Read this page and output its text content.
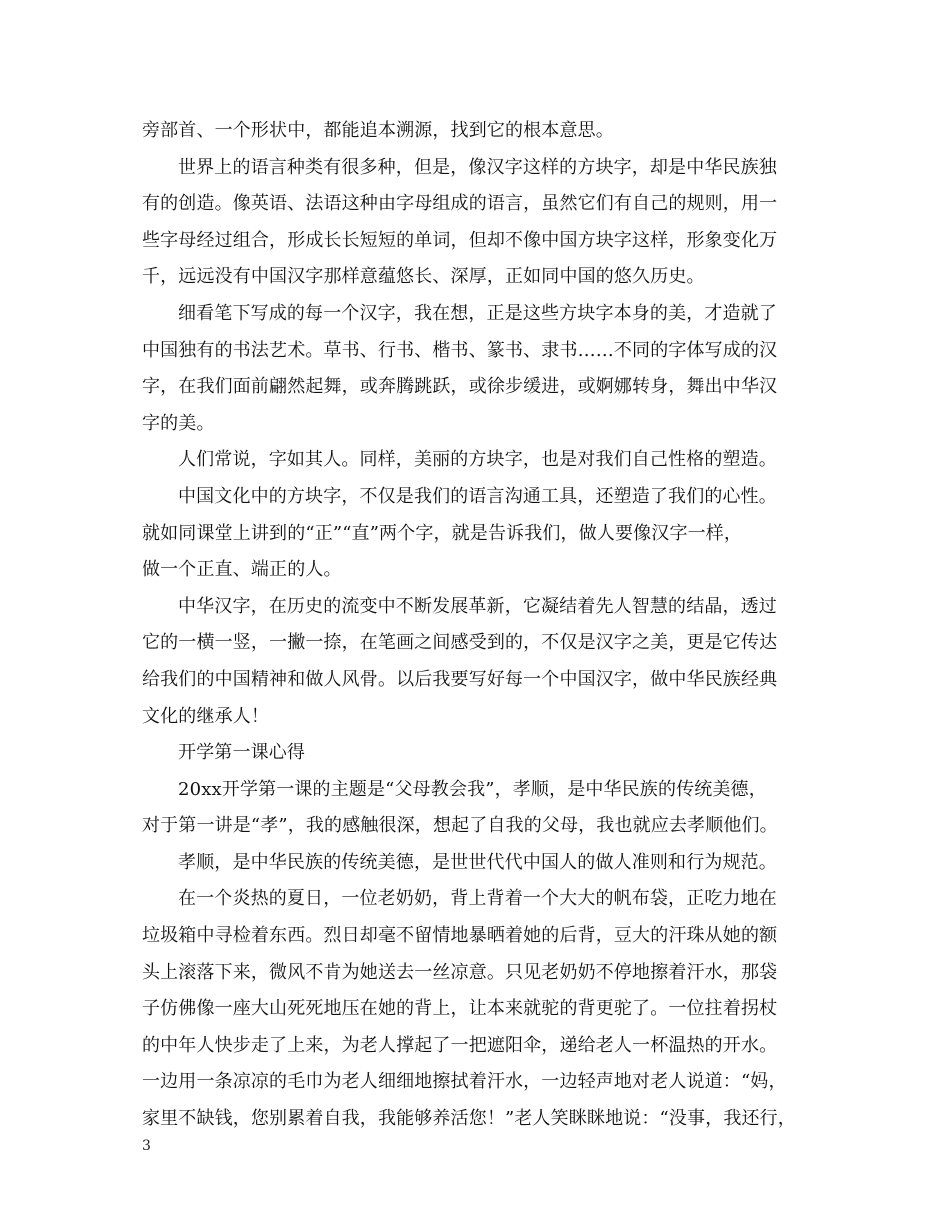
旁部首、一个形状中，都能追本溯源，找到它的根本意思。

世界上的语言种类有很多种，但是，像汉字这样的方块字，却是中华民族独
有的创造。像英语、法语这种由字母组成的语言，虽然它们有自己的规则，用一
些字母经过组合，形成长长短短的单词，但却不像中国方块字这样，形象变化万
千，远远没有中国汉字那样意蕴悠长、深厚，正如同中国的悠久历史。

细看笔下写成的每一个汉字，我在想，正是这些方块字本身的美，才造就了
中国独有的书法艺术。草书、行书、楷书、篆书、隶书……不同的字体写成的汉
字，在我们面前翩然起舞，或奔腾跳跃，或徐步缓进，或婀娜转身，舞出中华汉
字的美。

人们常说，字如其人。同样，美丽的方块字，也是对我们自己性格的塑造。

中国文化中的方块字，不仅是我们的语言沟通工具，还塑造了我们的心性。
就如同课堂上讲到的“正”“直”两个字，就是告诉我们，做人要像汉字一样，
做一个正直、端正的人。

中华汉字，在历史的流变中不断发展革新，它凝结着先人智慧的结晶，透过
它的一横一竖，一撇一捺，在笔画之间感受到的，不仅是汉字之美，更是它传达
给我们的中国精神和做人风骨。以后我要写好每一个中国汉字，做中华民族经典
文化的继承人！

开学第一课心得

20xx开学第一课的主题是“父母教会我”，孝顺，是中华民族的传统美德，
对于第一讲是“孝”，我的感触很深，想起了自我的父母，我也就应去孝顺他们。

孝顺，是中华民族的传统美德，是世世代代中国人的做人准则和行为规范。

在一个炎热的夏日，一位老奶奶，背上背着一个大大的帆布袋，正吃力地在
垃圾箱中寻检着东西。烈日却毫不留情地暴晒着她的后背，豆大的汗珠从她的额
头上滚落下来，微风不肯为她送去一丝凉意。只见老奶奶不停地擦着汗水，那袋
子仿佛像一座大山死死地压在她的背上，让本来就驼的背更驼了。一位拄着拐杖
的中年人快步走了上来，为老人撑起了一把遮阳伞，递给老人一杯温热的开水。
一边用一条凉凉的毛巾为老人细细地擦拭着汗水，一边轻声地对老人说道：“妈，
家里不缺钱，您别累着自我，我能够养活您！”老人笑眯眯地说：“没事，我还行，

3
